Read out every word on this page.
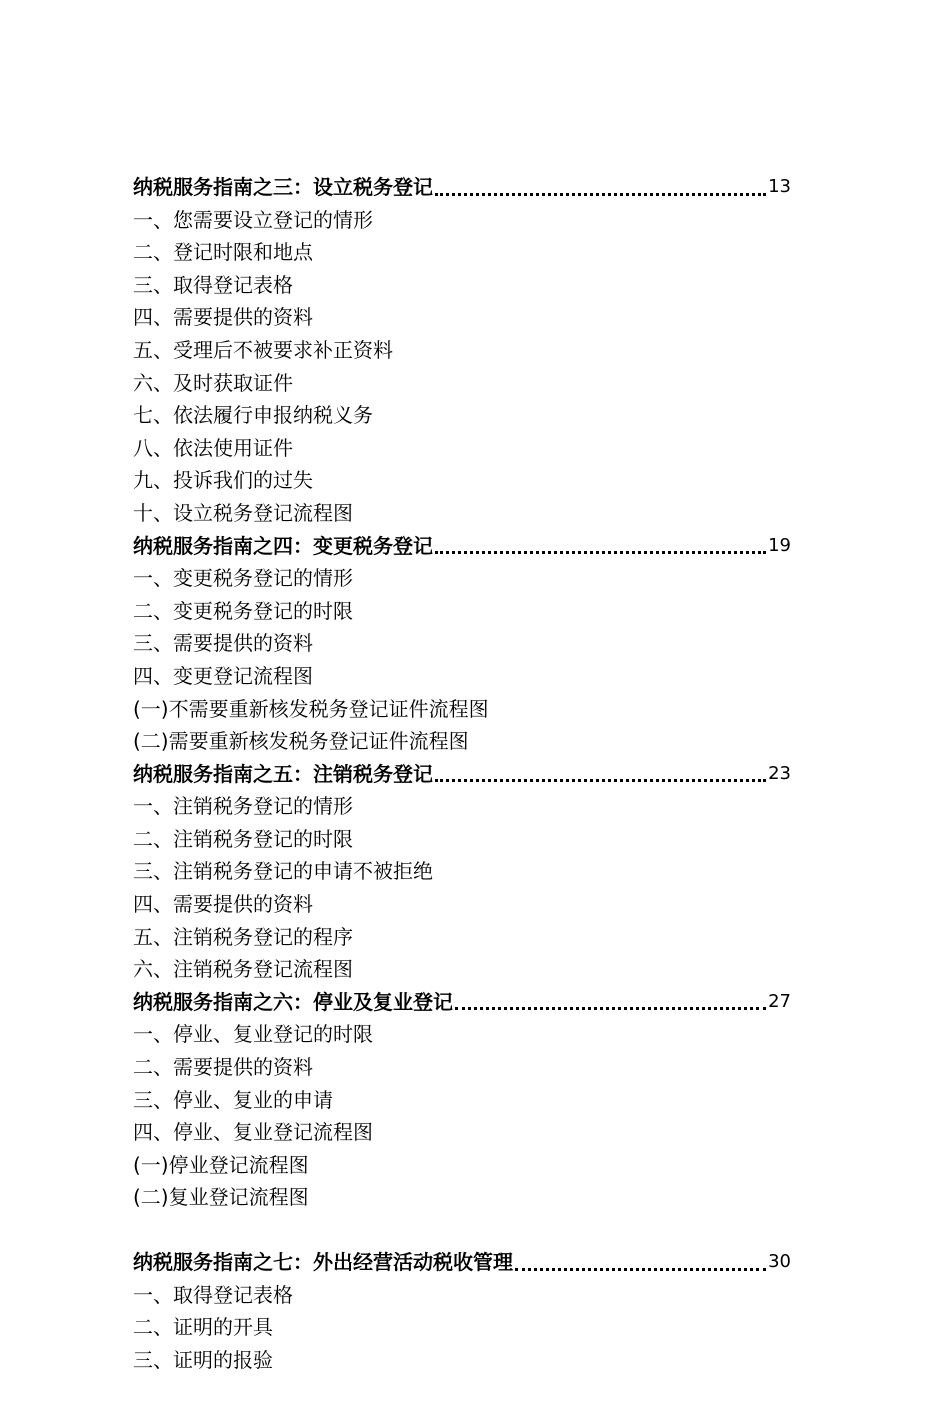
纳税服务指南之三：设立税务登记	13
一、您需要设立登记的情形
二、登记时限和地点
三、取得登记表格
四、需要提供的资料
五、受理后不被要求补正资料
六、及时获取证件
七、依法履行申报纳税义务
八、依法使用证件
九、投诉我们的过失
十、设立税务登记流程图
纳税服务指南之四：变更税务登记	19
一、变更税务登记的情形
二、变更税务登记的时限
三、需要提供的资料
四、变更登记流程图
(一)不需要重新核发税务登记证件流程图
(二)需要重新核发税务登记证件流程图
纳税服务指南之五：注销税务登记	23
一、注销税务登记的情形
二、注销税务登记的时限
三、注销税务登记的申请不被拒绝
四、需要提供的资料
五、注销税务登记的程序
六、注销税务登记流程图
纳税服务指南之六：停业及复业登记	27
一、停业、复业登记的时限
二、需要提供的资料
三、停业、复业的申请
四、停业、复业登记流程图
(一)停业登记流程图
(二)复业登记流程图
纳税服务指南之七：外出经营活动税收管理	30
一、取得登记表格
二、证明的开具
三、证明的报验
